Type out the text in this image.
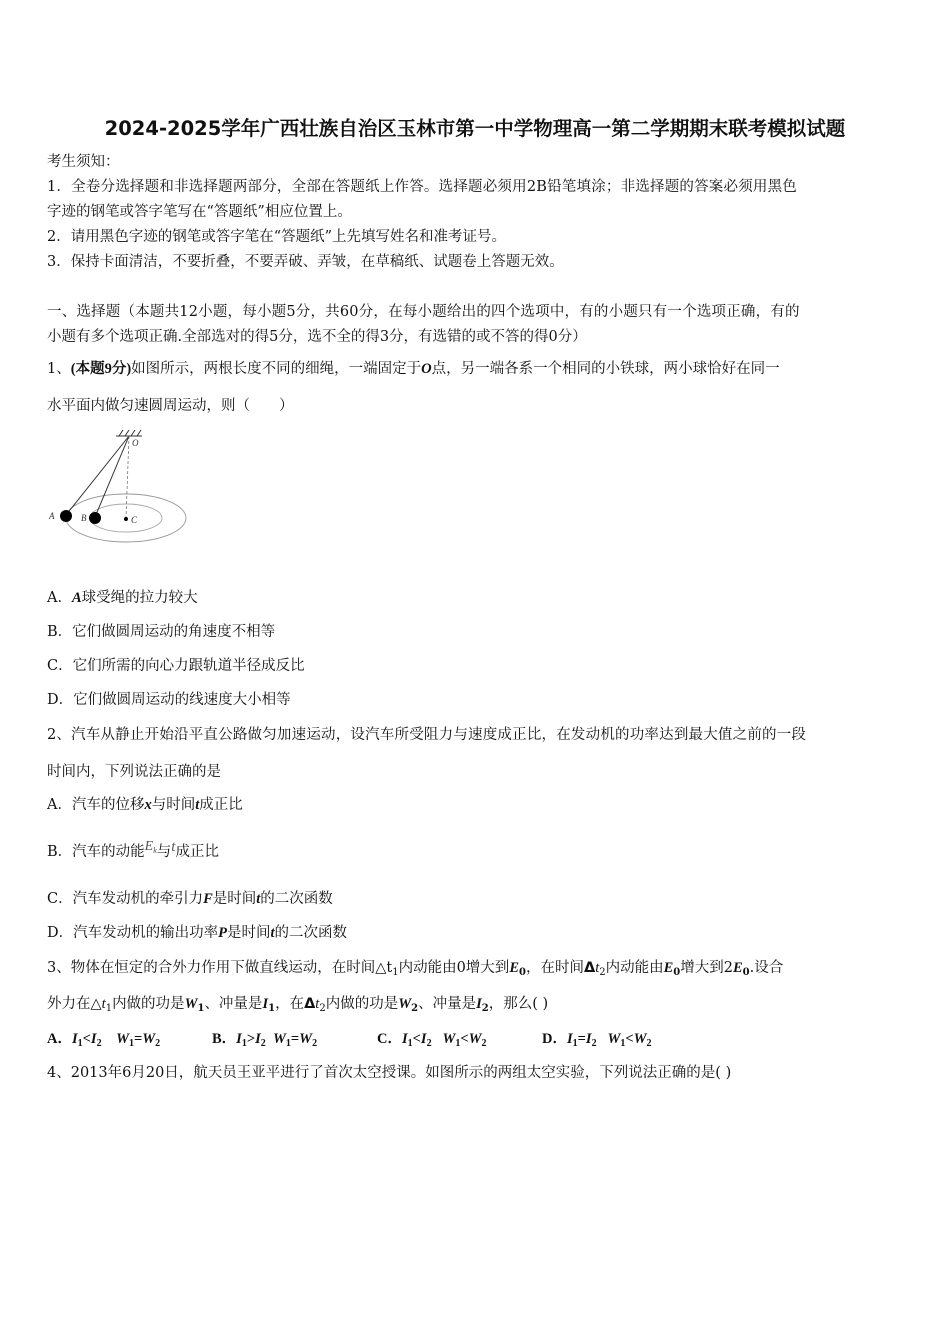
2024-2025学年广西壮族自治区玉林市第一中学物理高一第二学期期末联考模拟试题
考生须知：
1．全卷分选择题和非选择题两部分，全部在答题纸上作答。选择题必须用2B铅笔填涂；非选择题的答案必须用黑色
字迹的钢笔或答字笔写在“答题纸”相应位置上。
2．请用黑色字迹的钢笔或答字笔在“答题纸”上先填写姓名和准考证号。
3．保持卡面清洁，不要折叠，不要弄破、弄皱，在草稿纸、试题卷上答题无效。
一、选择题（本题共12小题，每小题5分，共60分，在每小题给出的四个选项中，有的小题只有一个选项正确，有的
小题有多个选项正确.全部选对的得5分，选不全的得3分，有选错的或不答的得0分）
1、(本题9分)如图所示，两根长度不同的细绳，一端固定于O点，另一端各系一个相同的小铁球，两小球恰好在同一
水平面内做匀速圆周运动，则（　　）
O
A	B	C
A．A球受绳的拉力较大
B．它们做圆周运动的角速度不相等
C．它们所需的向心力跟轨道半径成反比
D．它们做圆周运动的线速度大小相等
2、汽车从静止开始沿平直公路做匀加速运动，设汽车所受阻力与速度成正比，在发动机的功率达到最大值之前的一段
时间内，下列说法正确的是
A．汽车的位移x与时间t成正比
B．汽车的动能$E_k$与t成正比
C．汽车发动机的牵引力F是时间t的二次函数
D．汽车发动机的输出功率P是时间t的二次函数
3、物体在恒定的合外力作用下做直线运动，在时间$\triangle t_1$内动能由0增大到$E_0$，在时间$\Delta t_2$内动能由$E_0$增大到$2E_0$.设合
外力在$\triangle t_1$内做的功是$W_1$、冲量是$I_1$，在$\Delta t_2$内做的功是$W_2$、冲量是$I_2$，那么( )
A．$I_1<I_2$ $W_1=W_2$	B．$I_1>I_2$ $W_1=W_2$	C．$I_1<I_2$ $W_1<W_2$	D．$I_1=I_2$ $W_1<W_2$
4、2013年6月20日，航天员王亚平进行了首次太空授课。如图所示的两组太空实验，下列说法正确的是( )
